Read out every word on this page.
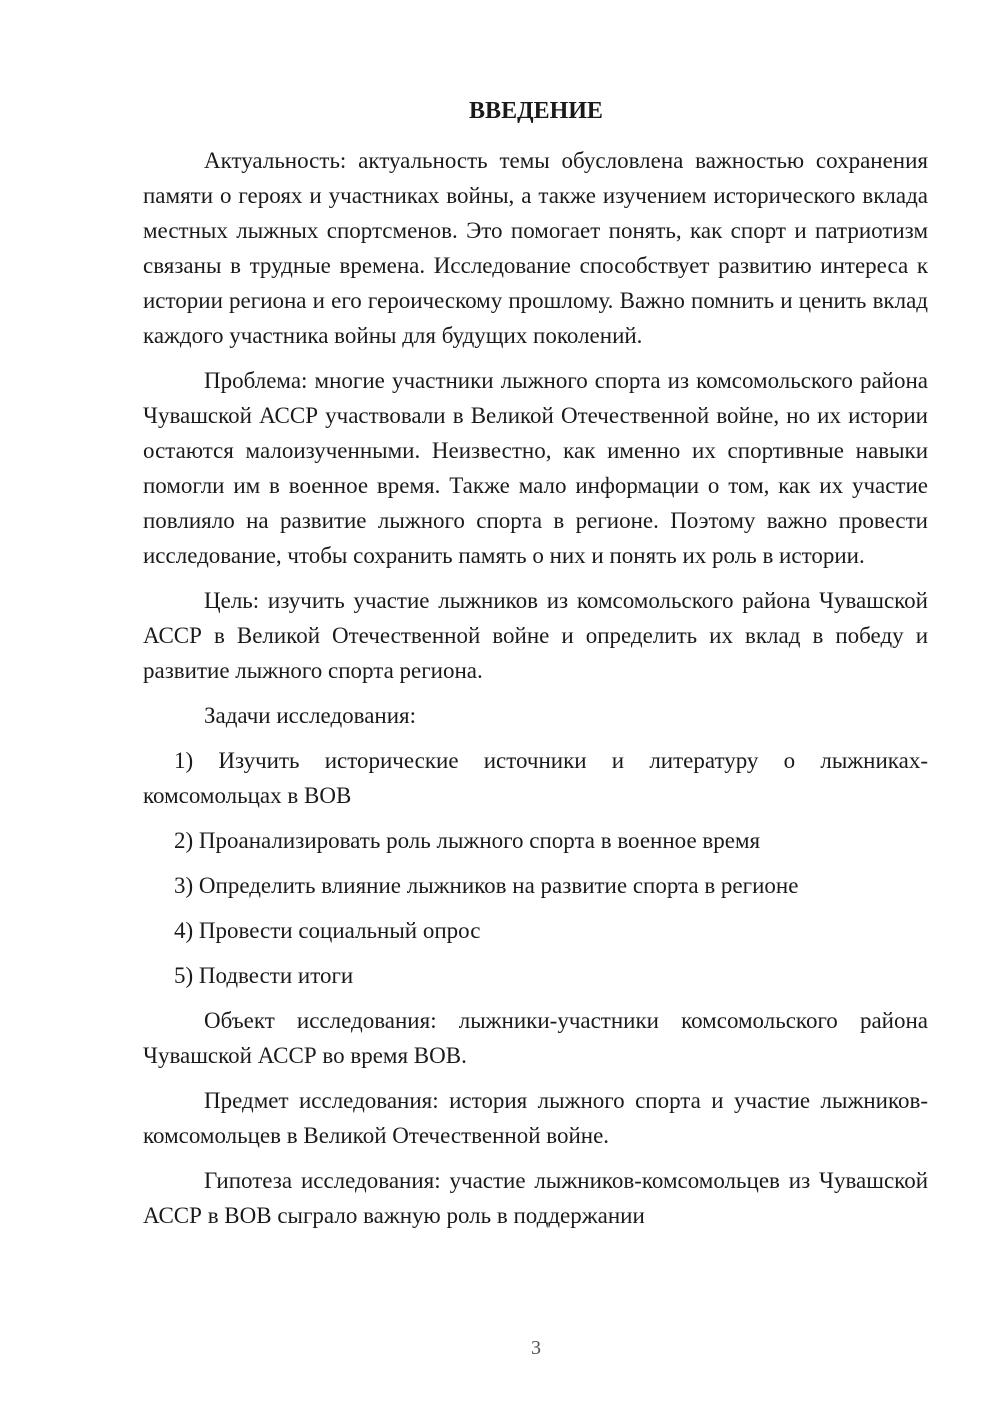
ВВЕДЕНИЕ

Актуальность: актуальность темы обусловлена важностью сохранения памяти о героях и участниках войны, а также изучением исторического вклада местных лыжных спортсменов. Это помогает понять, как спорт и патриотизм связаны в трудные времена. Исследование способствует развитию интереса к истории региона и его героическому прошлому. Важно помнить и ценить вклад каждого участника войны для будущих поколений.

Проблема: многие участники лыжного спорта из комсомольского района Чувашской АССР участвовали в Великой Отечественной войне, но их истории остаются малоизученными. Неизвестно, как именно их спортивные навыки помогли им в военное время. Также мало информации о том, как их участие повлияло на развитие лыжного спорта в регионе. Поэтому важно провести исследование, чтобы сохранить память о них и понять их роль в истории.

Цель: изучить участие лыжников из комсомольского района Чувашской АССР в Великой Отечественной войне и определить их вклад в победу и развитие лыжного спорта региона.

Задачи исследования:

1) Изучить исторические источники и литературу о лыжниках-комсомольцах в ВОВ

2) Проанализировать роль лыжного спорта в военное время

3) Определить влияние лыжников на развитие спорта в регионе

4) Провести социальный опрос

5) Подвести итоги

Объект исследования: лыжники-участники комсомольского района Чувашской АССР во время ВОВ.

Предмет исследования: история лыжного спорта и участие лыжников-комсомольцев в Великой Отечественной войне.

Гипотеза исследования: участие лыжников-комсомольцев из Чувашской АССР в ВОВ сыграло важную роль в поддержании

3
